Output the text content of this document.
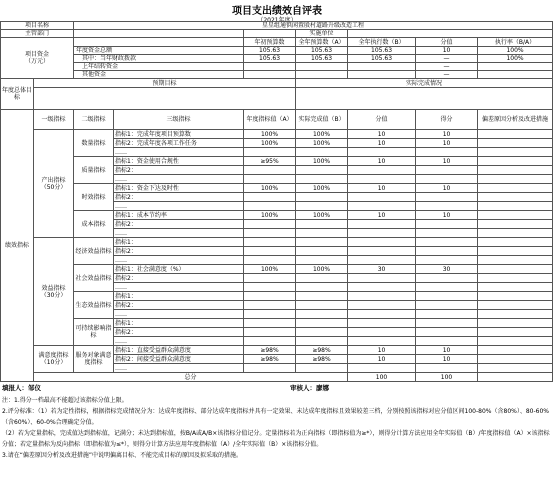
项目支出绩效自评表
（2021年度）
项目名称		星星组通供闲置殷村道路升级改造工程							
主管部门					实施单位				
项目资金
（万元）				年初预算数	全年预算数（A）	全年执行数（B）	分值	执行率（B/A）	
		年度资金总额		105.63	105.63	105.63	10	100%	
		其中：当年财政拨款		105.63	105.63	105.63	—	100%	
		上年结转资金					—		
		其他资金					—		
年度总体目标	预期目标				实际完成情况				

绩效指标	一级指标	二级指标	三级指标	年度指标值（A）	实际完成值（B）	分值	得分	偏差原因分析及改进措施	
	产出指标（50分）	数量指标	指标1：完成年度项目预算数	100%	100%	10	10		
			指标2：完成年度各项工作任务	100%	100%	10	10		
			……						
		质量指标	指标1：资金使用合规性	≥95%	100%	10	10		
			指标2：						
			……						
		时效指标	指标1：资金下达及时性	100%	100%	10	10		
			指标2：						
			……						
		成本指标	指标1：成本节约率	100%	100%	10	10		
			指标2：						
			……						
	效益指标（30分）	经济效益指标	指标1：						
			指标2：						
			……						
		社会效益指标	指标1：社会满意度（%）	100%	100%	30	30		
			指标2：						
			……						
		生态效益指标	指标1：						
			指标2：						
			……						
		可持续影响指标	指标1：						
			指标2：						
			……						
	满意度指标（10分）	服务对象满意度指标	指标1：直接受益群众满意度	≥98%	≥98%	10	10		
			指标2：间接受益群众满意度	≥98%	≥98%	10	10		
			……						
	总分					100	100		
填报人：邹仪	审核人：廖娜
注：1.得分一档最高不能超过该指标分值上限。
2.评分标准：（1）若为定性指标，根据指标完成情况分为：达成年度指标、部分达成年度指标并具有一定效果、未达成年度指标且效果较差三档，分别按照该指标对应分值区间100-80%（含80%）、80-60%（含60%）、60-0%合理确定分值。
（2）若为定量指标，完成值达到指标值，记满分；未达到指标值，按B/A或A/B×该指标分值记分。定量指标若为正向指标（即指标值为≥*），则得分计算方法应用全年实际值（B）/年度指标值（A）×该指标分值；若定量指标为反向指标（即指标值为≤*），则得分计算方法应用年度指标值（A）/全年实际值（B）×该指标分值。
3.请在“偏差原因分析及改进措施”中说明偏离目标、不能完成目标的原因及拟采取的措施。
